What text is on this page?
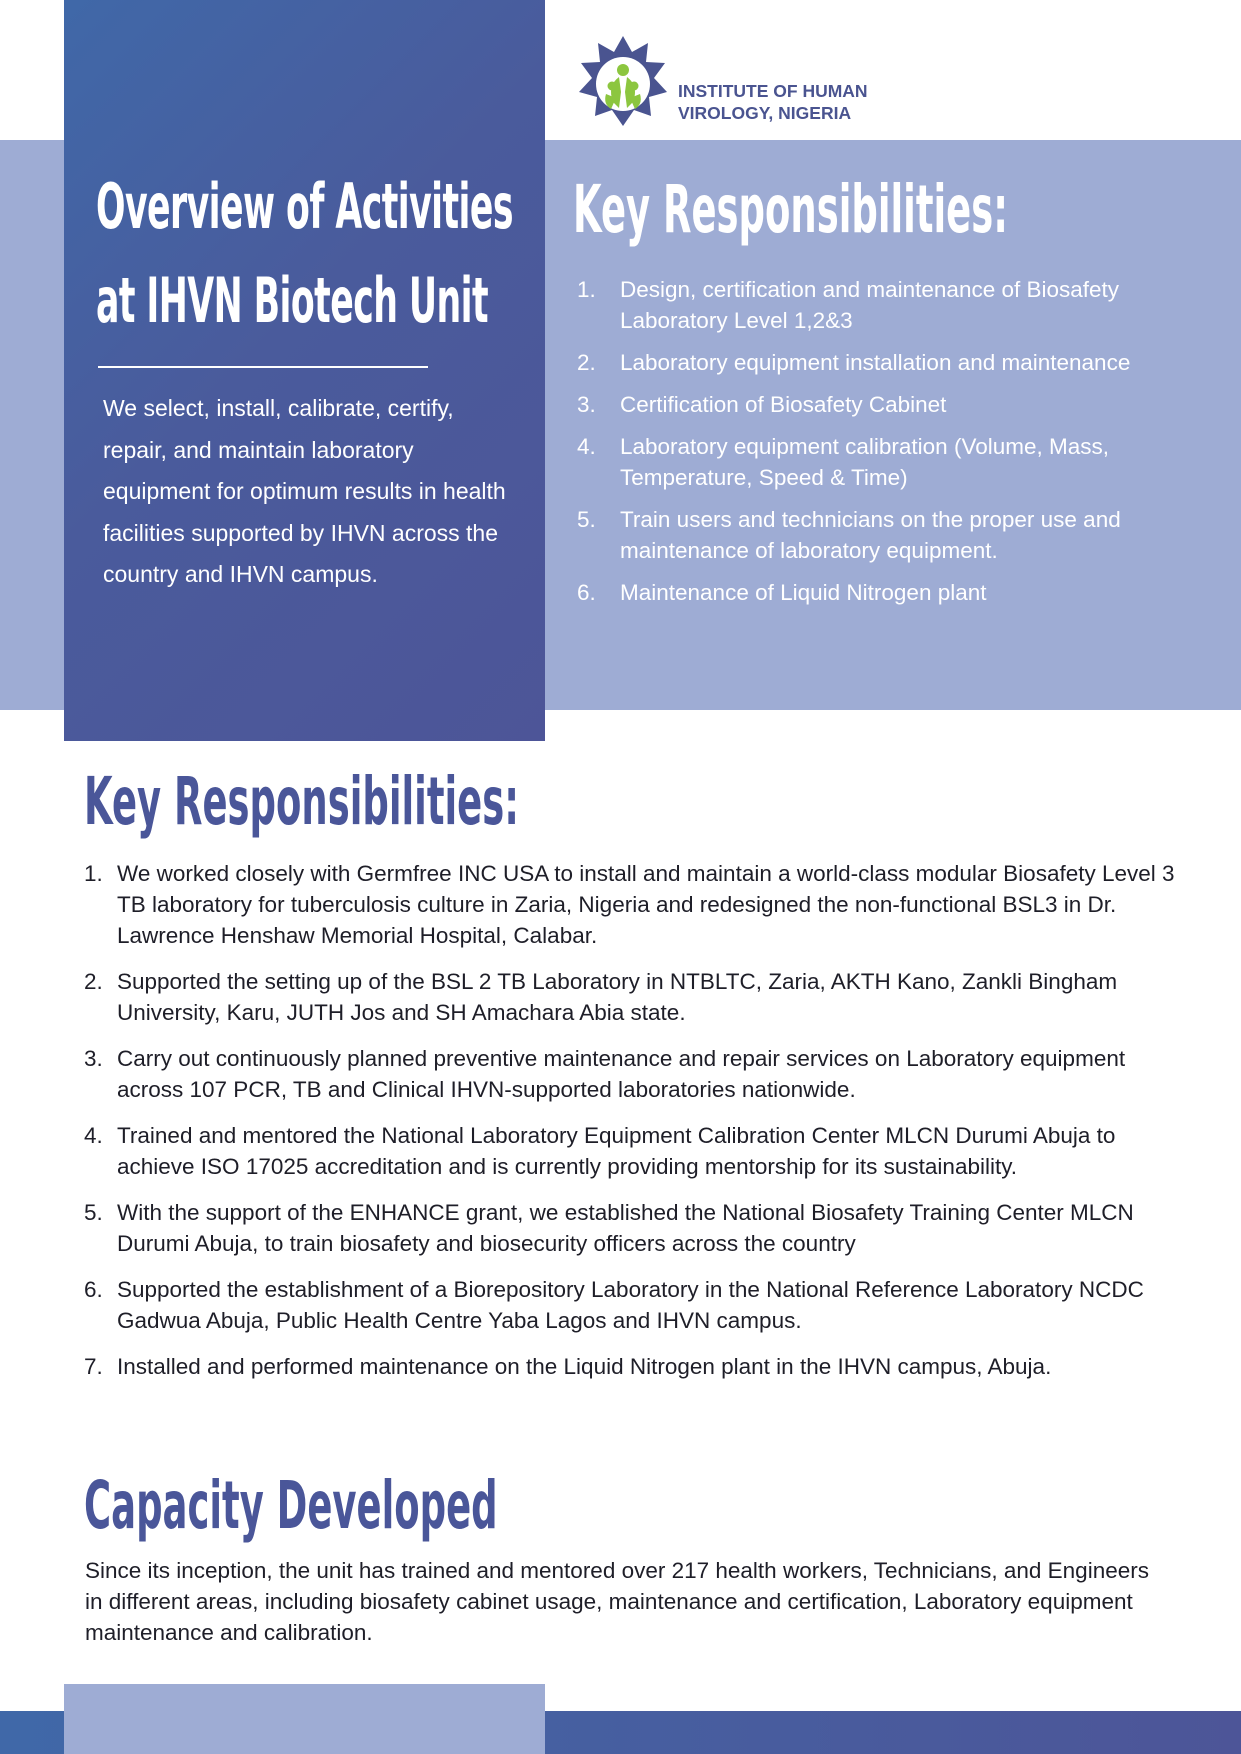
Overview of Activities
at IHVN Biotech Unit

We select, install, calibrate, certify, repair, and maintain laboratory equipment for optimum results in health facilities supported by IHVN across the country and IHVN campus.

INSTITUTE OF HUMAN
VIROLOGY, NIGERIA

Key Responsibilities:
1.	Design, certification and maintenance of Biosafety Laboratory Level 1,2&3
2.	Laboratory equipment installation and maintenance
3.	Certification of Biosafety Cabinet
4.	Laboratory equipment calibration (Volume, Mass, Temperature, Speed & Time)
5.	Train users and technicians on the proper use and maintenance of laboratory equipment.
6.	Maintenance of Liquid Nitrogen plant
Key Responsibilities:
1. We worked closely with Germfree INC USA to install and maintain a world-class modular Biosafety Level 3 TB laboratory for tuberculosis culture in Zaria, Nigeria and redesigned the non-functional BSL3 in Dr. Lawrence Henshaw Memorial Hospital, Calabar.
2. Supported the setting up of the BSL 2 TB Laboratory in NTBLTC, Zaria, AKTH Kano, Zankli Bingham University, Karu, JUTH Jos and SH Amachara Abia state.
3. Carry out continuously planned preventive maintenance and repair services on Laboratory equipment across 107 PCR, TB and Clinical IHVN-supported laboratories nationwide.
4. Trained and mentored the National Laboratory Equipment Calibration Center MLCN Durumi Abuja to achieve ISO 17025 accreditation and is currently providing mentorship for its sustainability.
5. With the support of the ENHANCE grant, we established the National Biosafety Training Center MLCN Durumi Abuja, to train biosafety and biosecurity officers across the country
6. Supported the establishment of a Biorepository Laboratory in the National Reference Laboratory NCDC Gadwua Abuja, Public Health Centre Yaba Lagos and IHVN campus.
7. Installed and performed maintenance on the Liquid Nitrogen plant in the IHVN campus, Abuja.
Capacity Developed

Since its inception, the unit has trained and mentored over 217 health workers, Technicians, and Engineers in different areas, including biosafety cabinet usage, maintenance and certification, Laboratory equipment maintenance and calibration.
